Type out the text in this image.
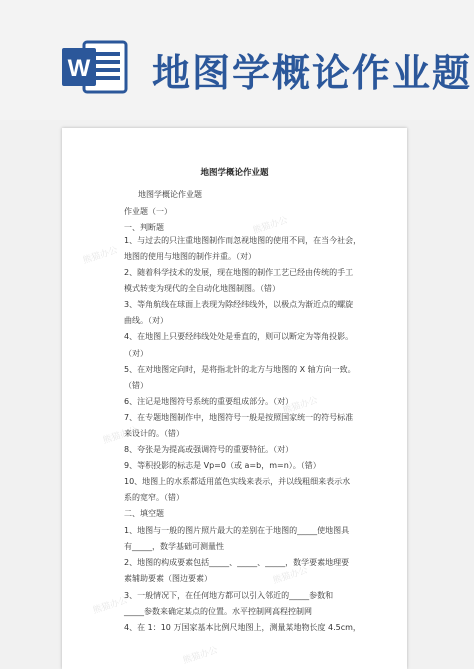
W 地图学概论作业题
地图学概论作业题
地图学概论作业题
作业题（一）
一、判断题
1、与过去的只注重地图制作而忽视地图的使用不同，在当今社会，
地图的使用与地图的制作并重。（对）
2、随着科学技术的发展，现在地图的制作工艺已经由传统的手工
模式转变为现代的全自动化地图制图。（错）
3、等角航线在球面上表现为除经纬线外，以极点为渐近点的螺旋
曲线。（对）
4、在地图上只要经纬线处处是垂直的，则可以断定为等角投影。
（对）
5、在对地图定向时，是将指北针的北方与地图的 X 轴方向一致。
（错）
6、注记是地图符号系统的重要组成部分。（对）
7、在专题地图制作中，地图符号一般是按照国家统一的符号标准
来设计的。（错）
8、夸张是为提高或强调符号的重要特征。（对）
9、等积投影的标志是 Vp=0（或 a=b，m=n）。（错）
10、地图上的水系都适用蓝色实线来表示，并以线粗细来表示水
系的宽窄。（错）
二、填空题
1、地图与一般的图片照片最大的差别在于地图的_____使地图具
有_____，数学基础可测量性
2、地图的构成要素包括_____、_____、_____，数学要素地理要
素辅助要素（图边要素）
3、一般情况下，在任何地方都可以引入邻近的_____参数和
_____参数来确定某点的位置。水平控制网高程控制网
4、在 1：10 万国家基本比例尺地图上，测量某地物长度 4.5cm，
熊猫办公
熊猫办公
熊猫办公
熊猫办公
熊猫办公
熊猫办公
熊猫办公
